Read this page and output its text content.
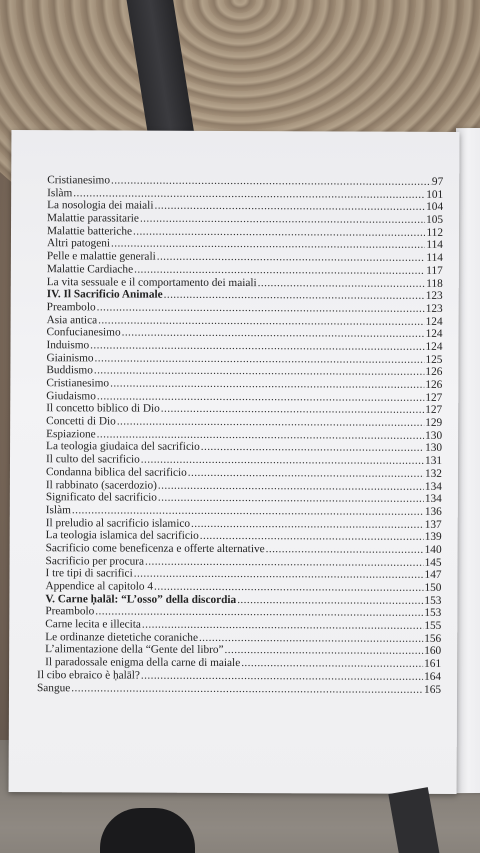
Cristianesimo .....	97
Islàm .....	101
La nosologia dei maiali .....	104
Malattie parassitarie .....	105
Malattie batteriche .....	112
Altri patogeni .....	114
Pelle e malattie generali .....	114
Malattie Cardiache .....	117
La vita sessuale e il comportamento dei maiali .....	118
IV. Il Sacrificio Animale .....	123
Preambolo .....	123
Asia antica .....	124
Confucianesimo .....	124
Induismo .....	124
Giainismo .....	125
Buddismo .....	126
Cristianesimo .....	126
Giudaismo .....	127
Il concetto biblico di Dio .....	127
Concetti di Dio .....	129
Espiazione .....	130
La teologia giudaica del sacrificio .....	130
Il culto del sacrificio .....	131
Condanna biblica del sacrificio .....	132
Il rabbinato (sacerdozio) .....	134
Significato del sacrificio .....	134
Islàm .....	136
Il preludio al sacrificio islamico .....	137
La teologia islamica del sacrificio .....	139
Sacrificio come beneficenza e offerte alternative .....	140
Sacrificio per procura .....	145
I tre tipi di sacrifici .....	147
Appendice al capitolo 4 .....	150
V. Carne ḥalāl: “L’osso” della discordia .....	153
Preambolo .....	153
Carne lecita e illecita .....	155
Le ordinanze dietetiche coraniche .....	156
L’alimentazione della “Gente del libro” .....	160
Il paradossale enigma della carne di maiale .....	161
Il cibo ebraico è ḥalāl? .....	164
Sangue .....	165
